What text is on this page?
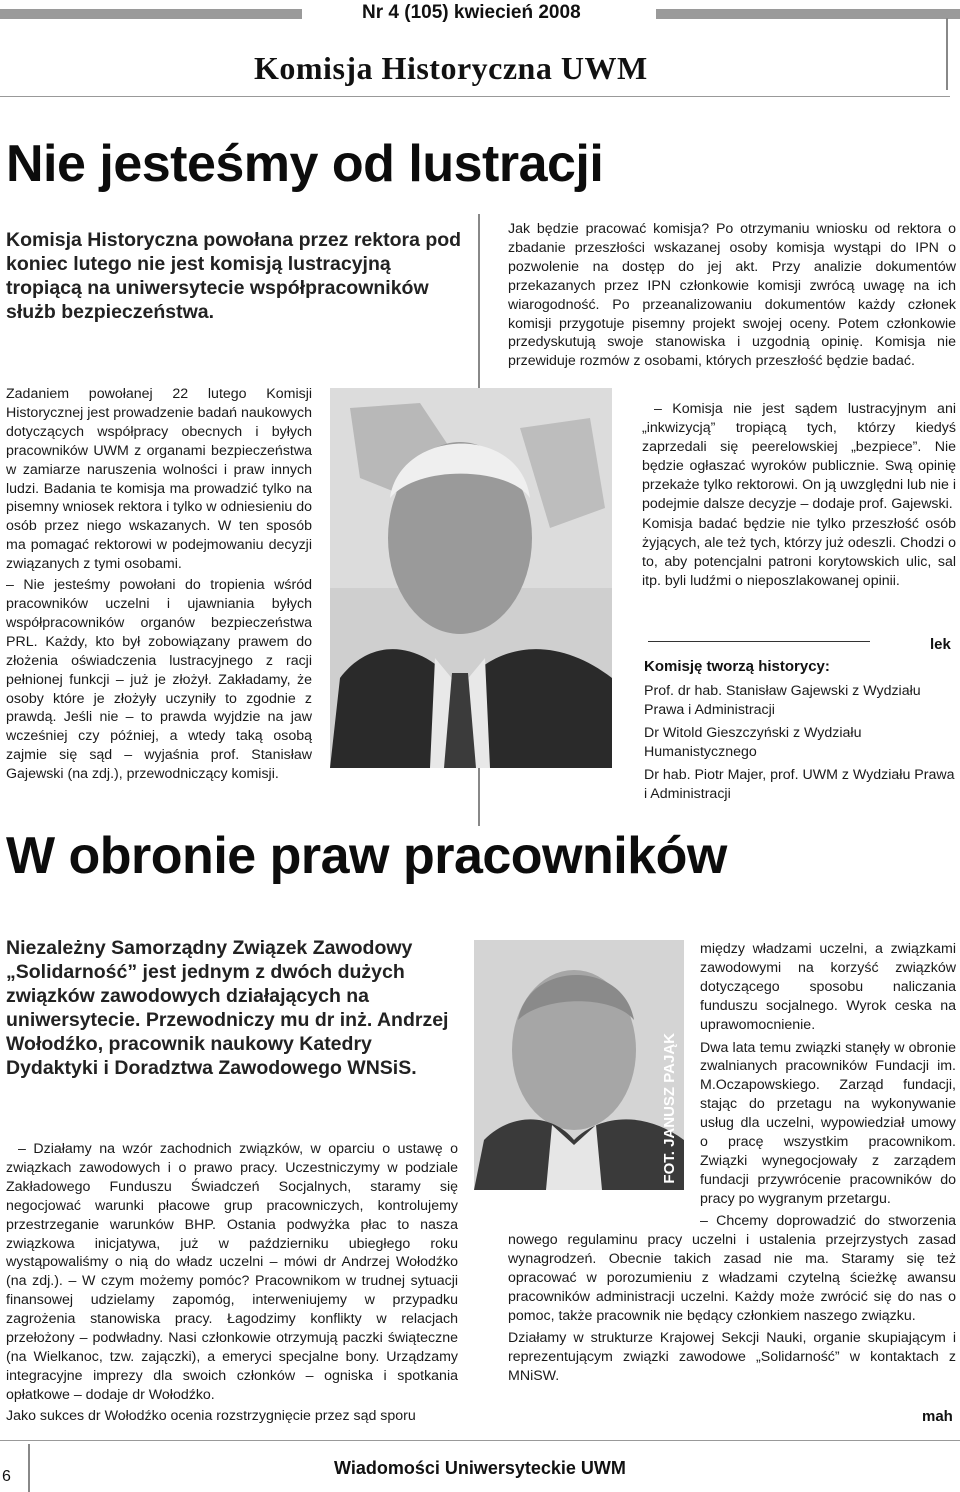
Nr 4 (105) kwiecień 2008
Komisja Historyczna UWM
Nie jesteśmy od lustracji
Komisja Historyczna powołana przez rektora pod koniec lutego nie jest komisją lustracyjną tropiącą na uniwersytecie współpracowników służb bezpieczeństwa.

Zadaniem powołanej 22 lutego Komisji Historycznej jest prowadzenie badań naukowych dotyczących współpracy obecnych i byłych pracowników UWM z organami bezpieczeństwa w zamiarze naruszenia wolności i praw innych ludzi. Badania te komisja ma prowadzić tylko na pisemny wniosek rektora i tylko w odniesieniu do osób przez niego wskazanych. W ten sposób ma pomagać rektorowi w podejmowaniu decyzji związanych z tymi osobami.

– Nie jesteśmy powołani do tropienia wśród pracowników uczelni i ujawniania byłych współpracowników organów bezpieczeństwa PRL. Każdy, kto był zobowiązany prawem do złożenia oświadczenia lustracyjnego z racji pełnionej funkcji – już je złożył. Zakładamy, że osoby które je złożyły uczyniły to zgodnie z prawdą. Jeśli nie – to prawda wyjdzie na jaw wcześniej czy później, a wtedy taką osobą zajmie się sąd – wyjaśnia prof. Stanisław Gajewski (na zdj.), przewodniczący komisji.

Jak będzie pracować komisja? Po otrzymaniu wniosku od rektora o zbadanie przeszłości wskazanej osoby komisja wystąpi do IPN o pozwolenie na dostęp do jej akt. Przy analizie dokumentów przekazanych przez IPN członkowie komisji zwrócą uwagę na ich wiarogodność. Po przeanalizowaniu dokumentów każdy członek komisji przygotuje pisemny projekt swojej oceny. Potem członkowie przedyskutują swoje stanowiska i uzgodnią opinię. Komisja nie przewiduje rozmów z osobami, których przeszłość będzie badać.

– Komisja nie jest sądem lustracyjnym ani „inkwizycją” tropiącą tych, którzy kiedyś zaprzedali się peerelowskiej „bezpiece”. Nie będzie ogłaszać wyroków publicznie. Swą opinię przekaże tylko rektorowi. On ją uwzględni lub nie i podejmie dalsze decyzje – dodaje prof. Gajewski.

Komisja badać będzie nie tylko przeszłość osób żyjących, ale też tych, którzy już odeszli. Chodzi o to, aby potencjalni patroni korytowskich ulic, sal itp. byli ludźmi o nieposzlakowanej opinii.

lek
Komisję tworzą historycy:

Prof. dr hab. Stanisław Gajewski z Wydziału Prawa i Administracji

Dr Witold Gieszczyński z Wydziału Humanistycznego

Dr hab. Piotr Majer, prof. UWM z Wydziału Prawa i Administracji

W obronie praw pracowników
Niezależny Samorządny Związek Zawodowy „Solidarność” jest jednym z dwóch dużych związków zawodowych działających na uniwersytecie. Przewodniczy mu dr inż. Andrzej Wołodźko, pracownik naukowy Katedry Dydaktyki i Doradztwa Zawodowego WNSiS.	FOT. JANUSZ PAJĄK

– Działamy na wzór zachodnich związków, w oparciu o ustawę o związkach zawodowych i o prawo pracy. Uczestniczymy w podziale Zakładowego Funduszu Świadczeń Socjalnych, staramy się negocjować warunki płacowe grup pracowniczych, kontrolujemy przestrzeganie warunków BHP. Ostania podwyżka płac to nasza związkowa inicjatywa, już w październiku ubiegłego roku wystąpowaliśmy o nią do władz uczelni – mówi dr Andrzej Wołodźko (na zdj.). – W czym możemy pomóc? Pracownikom w trudnej sytuacji finansowej udzielamy zapomóg, interweniujemy w przypadku zagrożenia stanowiska pracy. Łagodzimy konflikty w relacjach przełożony – podwładny. Nasi członkowie otrzymują paczki świąteczne (na Wielkanoc, tzw. zajączki), a emeryci specjalne bony. Urządzamy integracyjne imprezy dla swoich członków – ogniska i spotkania opłatkowe – dodaje dr Wołodźko.

Jako sukces dr Wołodźko ocenia rozstrzygnięcie przez sąd sporu

między władzami uczelni, a związkami zawodowymi na korzyść związków dotyczącego sposobu naliczania funduszu socjalnego. Wyrok ceska na uprawomocnienie.

Dwa lata temu związki stanęły w obronie zwalnianych pracowników Fundacji im. M.Oczapowskiego. Zarząd fundacji, stając do przetagu na wykonywanie usług dla uczelni, wypowiedział umowy o pracę wszystkim pracownikom. Związki wynegocjowały z zarządem fundacji przywrócenie pracowników do pracy po wygranym przetargu.

– Chcemy doprowadzić do stworzenia nowego regulaminu pracy uczelni i ustalenia przejrzystych zasad wynagrodzeń. Obecnie takich zasad nie ma. Staramy się też opracować w porozumieniu z władzami czytelną ścieżkę awansu pracowników administracji uczelni. Każdy może zwrócić się do nas o pomoc, także pracownik nie będący członkiem naszego związku.

Działamy w strukturze Krajowej Sekcji Nauki, organie skupiającym i reprezentującym związki zawodowe „Solidarność” w kontaktach z MNiSW.

mah
6	Wiadomości Uniwersyteckie UWM
